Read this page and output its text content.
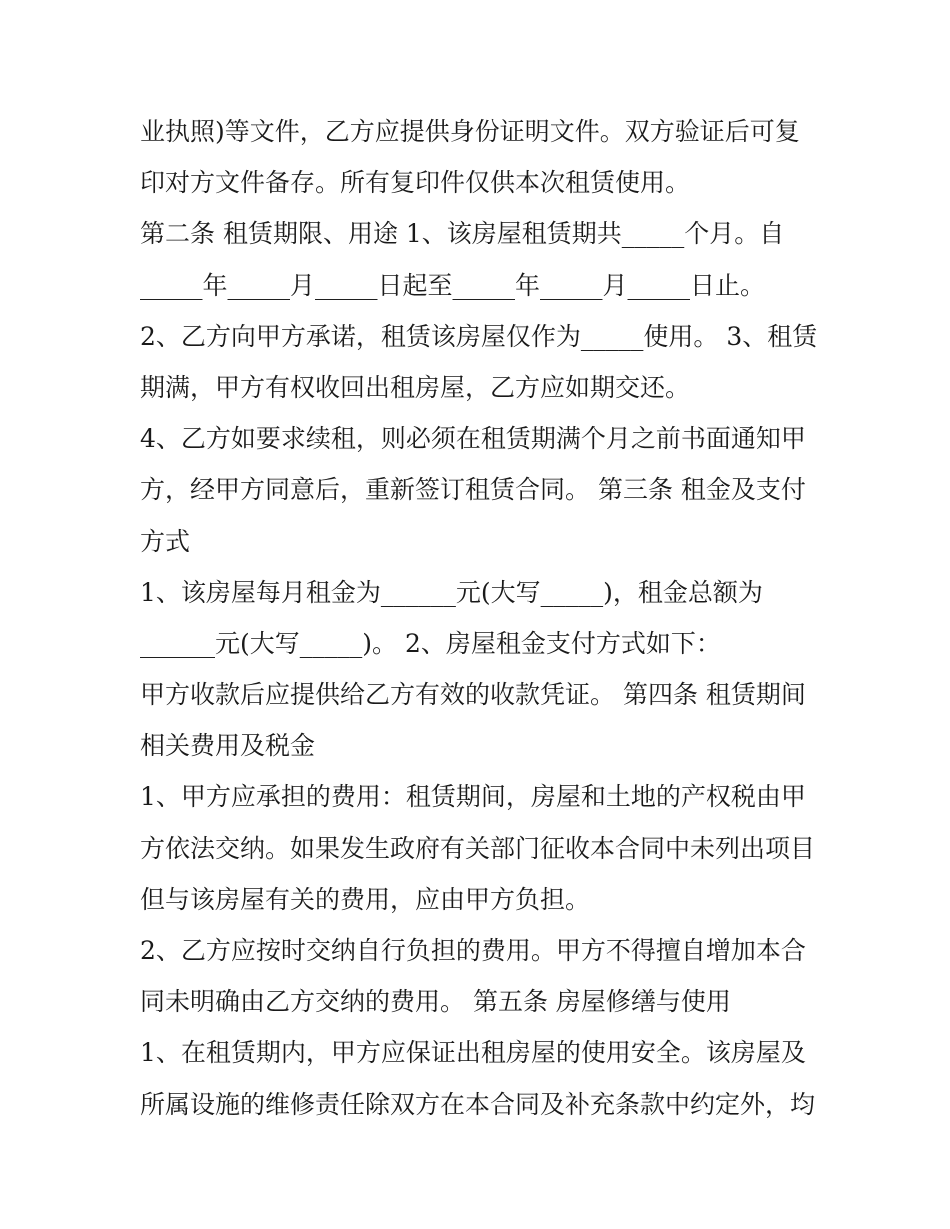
业执照)等文件，乙方应提供身份证明文件。双方验证后可复
印对方文件备存。所有复印件仅供本次租赁使用。
第二条 租赁期限、用途 1、该房屋租赁期共_____个月。自
_____年_____月_____日起至_____年_____月_____日止。
2、乙方向甲方承诺，租赁该房屋仅作为_____使用。 3、租赁
期满，甲方有权收回出租房屋，乙方应如期交还。
4、乙方如要求续租，则必须在租赁期满个月之前书面通知甲
方，经甲方同意后，重新签订租赁合同。 第三条 租金及支付
方式
1、该房屋每月租金为______元(大写_____)，租金总额为
______元(大写_____)。 2、房屋租金支付方式如下：
甲方收款后应提供给乙方有效的收款凭证。 第四条 租赁期间
相关费用及税金
1、甲方应承担的费用：租赁期间，房屋和土地的产权税由甲
方依法交纳。如果发生政府有关部门征收本合同中未列出项目
但与该房屋有关的费用，应由甲方负担。
2、乙方应按时交纳自行负担的费用。甲方不得擅自增加本合
同未明确由乙方交纳的费用。 第五条 房屋修缮与使用
1、在租赁期内，甲方应保证出租房屋的使用安全。该房屋及
所属设施的维修责任除双方在本合同及补充条款中约定外，均
